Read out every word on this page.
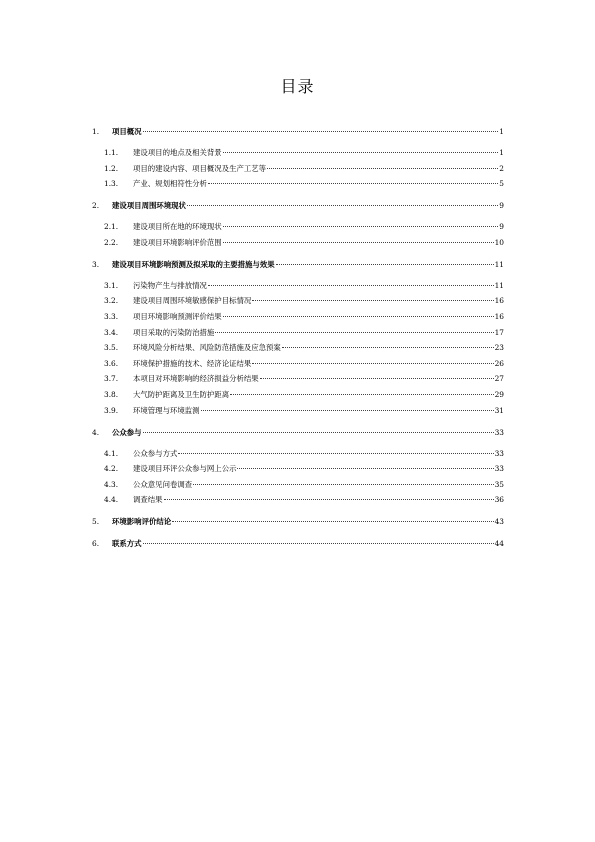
目录
1.	项目概况	1
1.1.	建设项目的地点及相关背景	1
1.2.	项目的建设内容、项目概况及生产工艺等	2
1.3.	产业、规划相符性分析	5
2.	建设项目周围环境现状	9
2.1.	建设项目所在地的环境现状	9
2.2.	建设项目环境影响评价范围	10
3.	建设项目环境影响预测及拟采取的主要措施与效果	11
3.1.	污染物产生与排放情况	11
3.2.	建设项目周围环境敏感保护目标情况	16
3.3.	项目环境影响预测评价结果	16
3.4.	项目采取的污染防治措施	17
3.5.	环境风险分析结果、风险防范措施及应急预案	23
3.6.	环境保护措施的技术、经济论证结果	26
3.7.	本项目对环境影响的经济损益分析结果	27
3.8.	大气防护距离及卫生防护距离	29
3.9.	环境管理与环境监测	31
4.	公众参与	33
4.1.	公众参与方式	33
4.2.	建设项目环评公众参与网上公示	33
4.3.	公众意见问卷调查	35
4.4.	调查结果	36
5.	环境影响评价结论	43
6.	联系方式	44
